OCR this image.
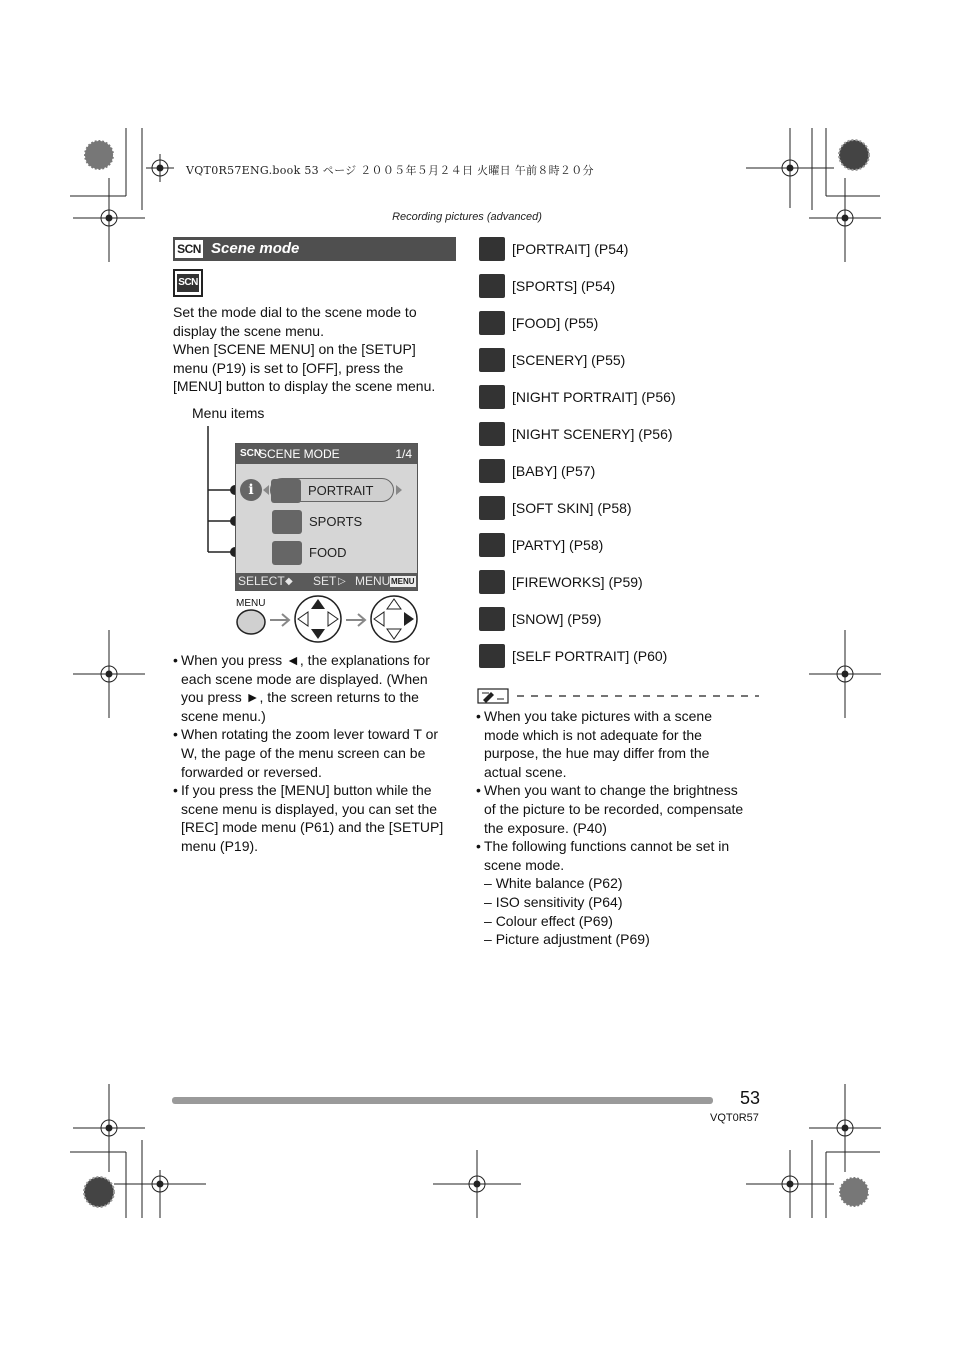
VQT0R57ENG.book 53 ページ ２００５年５月２４日 火曜日 午前８時２０分
Recording pictures (advanced)
SCN Scene mode
SCN
Set the mode dial to the scene mode to
display the scene menu.
When [SCENE MENU] on the [SETUP]
menu (P19) is set to [OFF], press the
[MENU] button to display the scene menu.
Menu items
SCN
SCENE MODE	1/4
i	PORTRAIT
SPORTS
FOOD
SELECT ◆ SET ▷ MENU MENU
MENU
• When you press ◄, the explanations for
each scene mode are displayed. (When
you press ►, the screen returns to the
scene menu.)
• When rotating the zoom lever toward T or
W, the page of the menu screen can be
forwarded or reversed.
• If you press the [MENU] button while the
scene menu is displayed, you can set the
[REC] mode menu (P61) and the [SETUP]
menu (P19).
[PORTRAIT] (P54)
[SPORTS] (P54)
[FOOD] (P55)
[SCENERY] (P55)
[NIGHT PORTRAIT] (P56)
[NIGHT SCENERY] (P56)
[BABY] (P57)
[SOFT SKIN] (P58)
[PARTY] (P58)
[FIREWORKS] (P59)
[SNOW] (P59)
[SELF PORTRAIT] (P60)
• When you take pictures with a scene
mode which is not adequate for the
purpose, the hue may differ from the
actual scene.
• When you want to change the brightness
of the picture to be recorded, compensate
the exposure. (P40)
• The following functions cannot be set in
scene mode.
– White balance (P62)
– ISO sensitivity (P64)
– Colour effect (P69)
– Picture adjustment (P69)
53
VQT0R57
